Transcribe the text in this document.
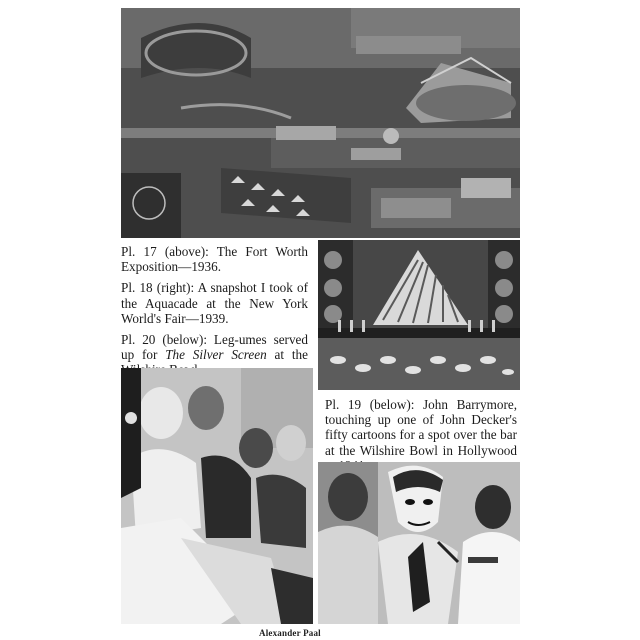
Pl. 17 (above): The Fort Worth Exposition—1936.

Pl. 18 (right): A snapshot I took of the Aquacade at the New York World's Fair—1939.

Pl. 20 (below): Leg-umes served up for The Silver Screen at the

Pl. 19 (below): John Barrymore, touching up one of John Decker's fifty cartoons for a spot over the bar at the Wilshire Bowl in Hollywood

Alexander Paal
